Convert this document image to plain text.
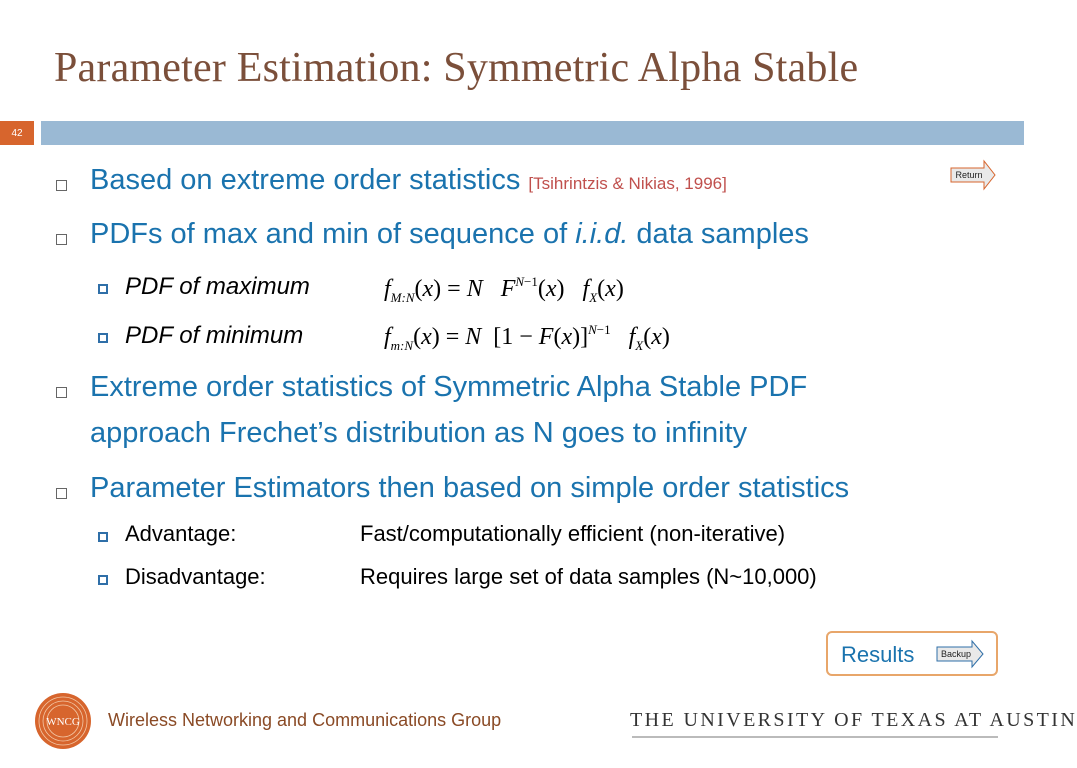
Parameter Estimation: Symmetric Alpha Stable
42
Based on extreme order statistics [Tsihrintzis & Nikias, 1996]	Return
PDFs of max and min of sequence of i.i.d. data samples
PDF of maximum	$f_{M:N}(x) = N$   $F^{N-1}(x)$   $f_X(x)$
PDF of minimum	$f_{m:N}(x) = N$  $[1 - F(x)]^{N-1}$   $f_X(x)$
Extreme order statistics of Symmetric Alpha Stable PDF
approach Frechet’s distribution as N goes to infinity
Parameter Estimators then based on simple order statistics
Advantage:	Fast/computationally efficient (non-iterative)
Disadvantage:	Requires large set of data samples (N~10,000)
Results	Backup
WNCG Wireless Networking and Communications Group	THE UNIVERSITY OF TEXAS AT AUSTIN
